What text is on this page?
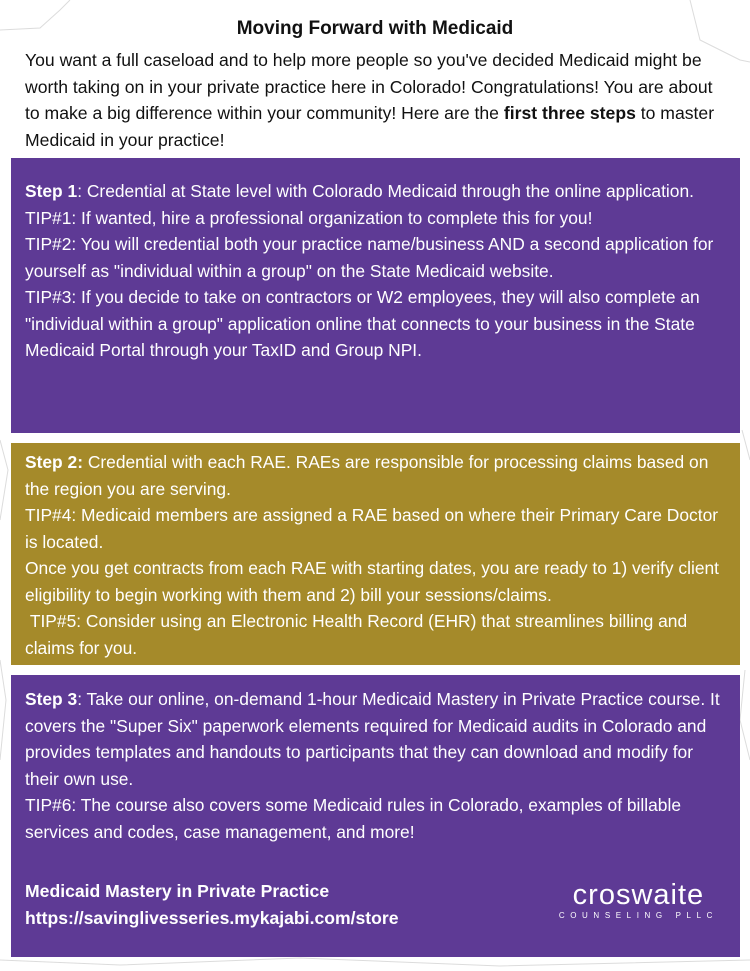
Moving Forward with Medicaid

You want a full caseload and to help more people so you've decided Medicaid might be worth taking on in your private practice here in Colorado! Congratulations! You are about to make a big difference within your community! Here are the first three steps to master Medicaid in your practice!

Step 1: Credential at State level with Colorado Medicaid through the online application.

TIP#1: If wanted, hire a professional organization to complete this for you!

TIP#2: You will credential both your practice name/business AND a second application for yourself as "individual within a group" on the State Medicaid website.

TIP#3: If you decide to take on contractors or W2 employees, they will also complete an "individual within a group" application online that connects to your business in the State Medicaid Portal through your TaxID and Group NPI.

Step 2: Credential with each RAE. RAEs are responsible for processing claims based on the region you are serving.

TIP#4: Medicaid members are assigned a RAE based on where their Primary Care Doctor is located.

Once you get contracts from each RAE with starting dates, you are ready to 1) verify client eligibility to begin working with them and 2) bill your sessions/claims.

TIP#5: Consider using an Electronic Health Record (EHR) that streamlines billing and claims for you.

Step 3: Take our online, on-demand 1-hour Medicaid Mastery in Private Practice course. It covers the "Super Six" paperwork elements required for Medicaid audits in Colorado and provides templates and handouts to participants that they can download and modify for their own use.

TIP#6: The course also covers some Medicaid rules in Colorado, examples of billable services and codes, case management, and more!

Medicaid Mastery in Private Practice
https://savinglivesseries.mykajabi.com/store
croswaite
COUNSELING PLLC
